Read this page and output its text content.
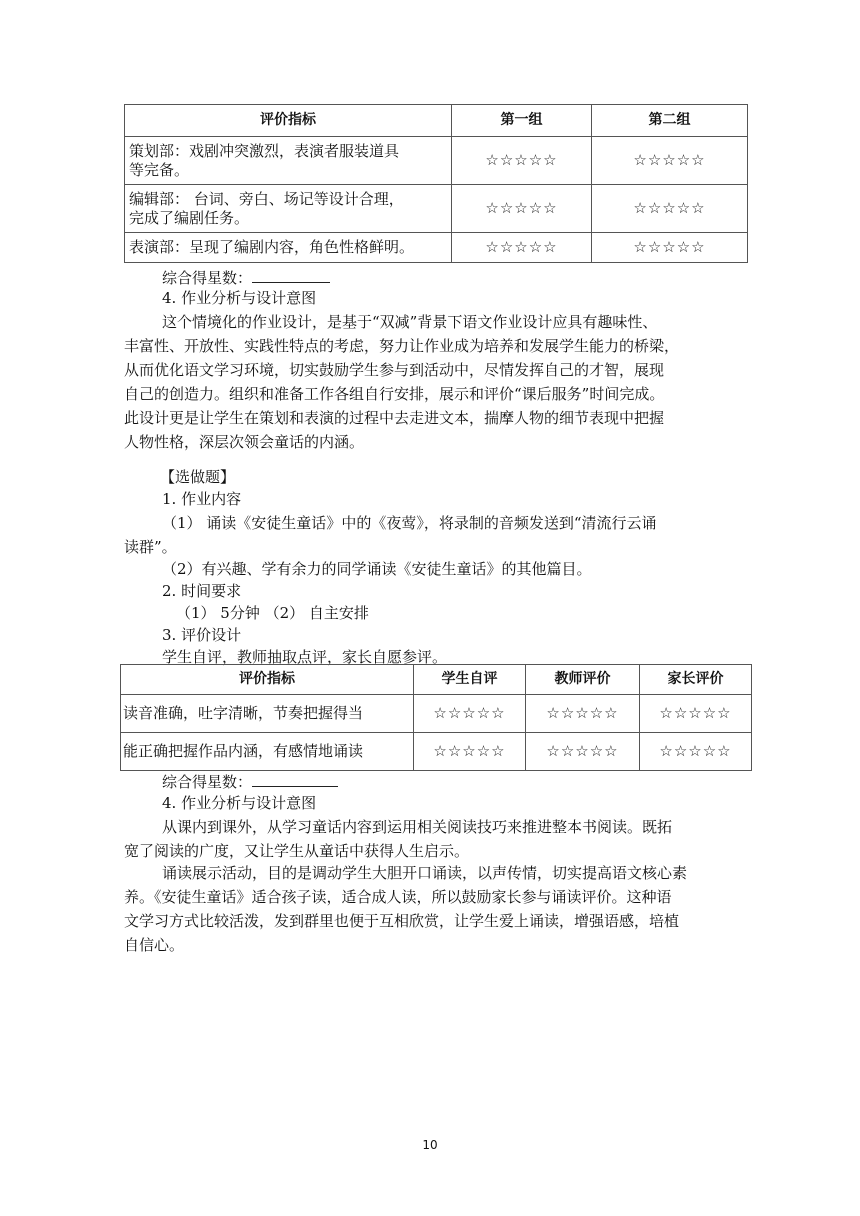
评价指标	第一组	第二组

策划部：戏剧冲突激烈，表演者服装道具
等完备。	☆☆☆☆☆	☆☆☆☆☆

编辑部： 台词、旁白、场记等设计合理，
完成了编剧任务。	☆☆☆☆☆	☆☆☆☆☆
表演部：呈现了编剧内容，角色性格鲜明。	☆☆☆☆☆	☆☆☆☆☆
综合得星数：
4. 作业分析与设计意图
这个情境化的作业设计，是基于“双减”背景下语文作业设计应具有趣味性、
丰富性、开放性、实践性特点的考虑，努力让作业成为培养和发展学生能力的桥梁，
从而优化语文学习环境，切实鼓励学生参与到活动中，尽情发挥自己的才智，展现
自己的创造力。组织和准备工作各组自行安排，展示和评价“课后服务”时间完成。
此设计更是让学生在策划和表演的过程中去走进文本，揣摩人物的细节表现中把握
人物性格，深层次领会童话的内涵。
【选做题】
1. 作业内容
（1） 诵读《安徒生童话》中的《夜莺》，将录制的音频发送到“清流行云诵
读群”。
（2）有兴趣、学有余力的同学诵读《安徒生童话》的其他篇目。
2. 时间要求
（1） 5分钟 （2） 自主安排
3. 评价设计
学生自评，教师抽取点评，家长自愿参评。
评价指标	学生自评	教师评价	家长评价
读音准确，吐字清晰，节奏把握得当	☆☆☆☆☆	☆☆☆☆☆	☆☆☆☆☆
能正确把握作品内涵，有感情地诵读	☆☆☆☆☆	☆☆☆☆☆	☆☆☆☆☆
综合得星数：
4. 作业分析与设计意图
从课内到课外，从学习童话内容到运用相关阅读技巧来推进整本书阅读。既拓
宽了阅读的广度，又让学生从童话中获得人生启示。
诵读展示活动，目的是调动学生大胆开口诵读，以声传情，切实提高语文核心素
养。《安徒生童话》适合孩子读，适合成人读，所以鼓励家长参与诵读评价。这种语
文学习方式比较活泼，发到群里也便于互相欣赏，让学生爱上诵读，增强语感，培植
自信心。
10
